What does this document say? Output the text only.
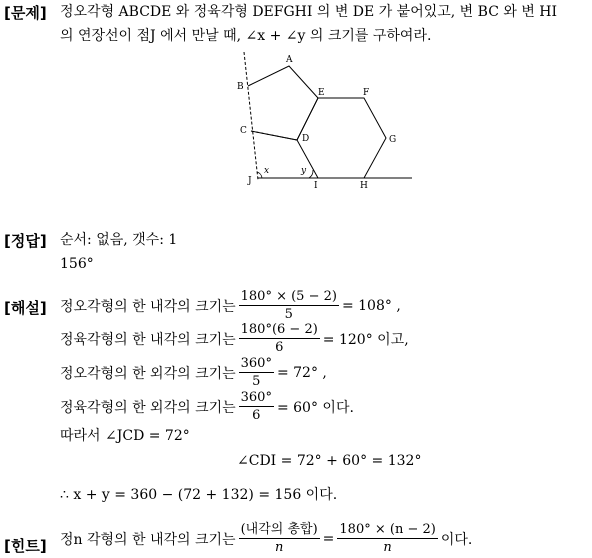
[문제] 정오각형 ABCDE 와 정육각형 DEFGHI 의 변 DE 가 붙어있고, 변 BC 와 변 HI
의 연장선이 점J 에서 만날 때, ∠x + ∠y 의 크기를 구하여라.
A
B
C
D
E	F
G
H
I
J
x	y
[정답] 순서: 없음, 갯수: 1
156°
[해설] 정오각형의 한 내각의 크기는 $\frac{180^\circ \times (5 - 2)}{5} = 108^\circ$ ,
정육각형의 한 내각의 크기는 $\frac{180^\circ(6 - 2)}{6} = 120^\circ$ 이고,
정오각형의 한 외각의 크기는 $\frac{360^\circ}{5} = 72^\circ$ ,
정육각형의 한 외각의 크기는 $\frac{360^\circ}{6} = 60^\circ$ 이다.
따라서 ∠JCD = 72°
∠CDI = 72° + 60° = 132°
∴ x + y = 360 − (72 + 132) = 156 이다.
[힌트] 정n 각형의 한 내각의 크기는 $\frac{\text{(내각의 총합)}}{n} = \frac{180^\circ \times (n - 2)}{n}$ 이다.
